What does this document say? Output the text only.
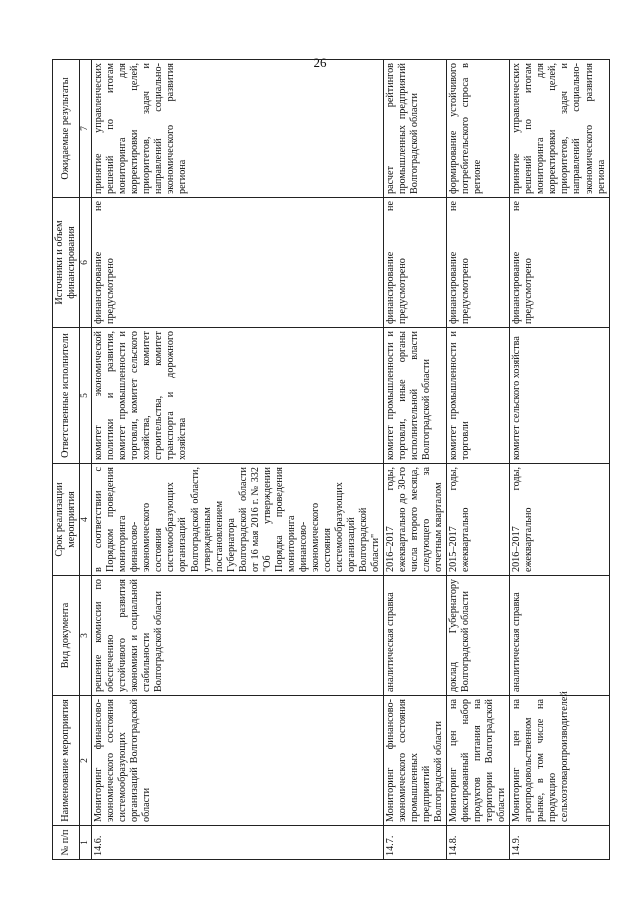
26
№ п/п	Наименование мероприятия	Вид документа	Срок реализации мероприятия	Ответственные исполнители	Источники и объем финансирования	Ожидаемые результаты
1	2	3	4	5	6	7
14.6.	Мониторинг финансово-экономического состояния системообразующих организаций Волгоградской области	решение комиссии по обеспечению устойчивого развития экономики и социальной стабильности Волгоградской области	в соответствии с Порядком проведения мониторинга финансово-экономического состояния системообразующих организаций Волгоградской области, утвержденным постановлением Губернатора Волгоградской области от 16 мая 2016 г. № 332 "Об утверждении Порядка проведения мониторинга финансово-экономического состояния системообразующих организаций Волгоградской области"	комитет экономической политики и развития, комитет промышленности и торговли, комитет сельского хозяйства, комитет строительства, комитет транспорта и дорожного хозяйства	финансирование не предусмотрено	принятие управленческих решений по итогам мониторинга для корректировки целей, приоритетов, задач и направлений социально-экономического развития региона
14.7.	Мониторинг финансово-экономического состояния промышленных предприятий Волгоградской области	аналитическая справка	2016–2017 годы, ежеквартально до 30-го числа второго месяца, следующего за отчетным кварталом	комитет промышленности и торговли, иные органы исполнительной власти Волгоградской области	финансирование не предусмотрено	расчет рейтингов промышленных предприятий Волгоградской области
14.8.	Мониторинг цен на фиксированный набор продуктов питания на территории Волгоградской области	доклад Губернатору Волгоградской области	2015–2017 годы, ежеквартально	комитет промышленности и торговли	финансирование не предусмотрено	формирование устойчивого потребительского спроса в регионе
14.9.	Мониторинг цен на агропродовольственном рынке, в том числе на продукцию сельхозтоваропроизводителей	аналитическая справка	2016–2017 годы, ежеквартально	комитет сельского хозяйства	финансирование не предусмотрено	принятие управленческих решений по итогам мониторинга для корректировки целей, приоритетов, задач и направлений социально-экономического развития региона
